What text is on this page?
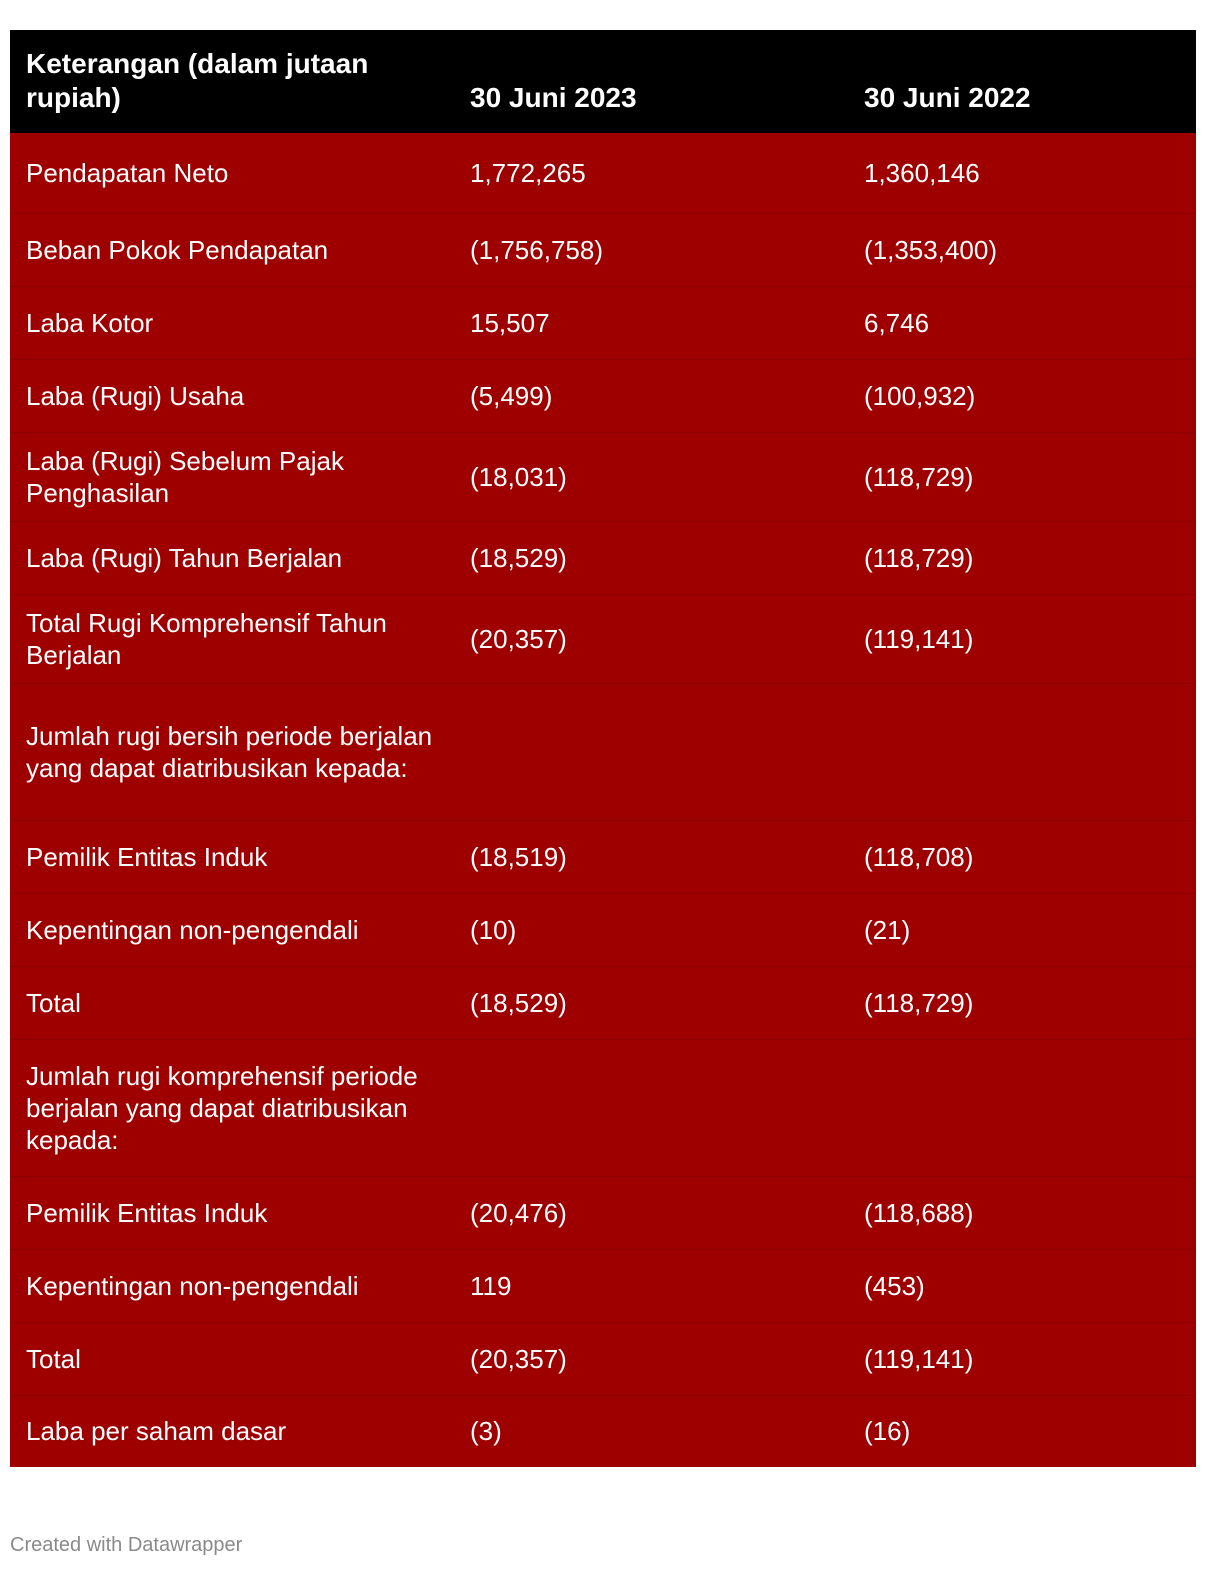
Keterangan (dalam jutaan rupiah)	30 Juni 2023	30 Juni 2022
Pendapatan Neto	1,772,265	1,360,146
Beban Pokok Pendapatan	(1,756,758)	(1,353,400)
Laba Kotor	15,507	6,746
Laba (Rugi) Usaha	(5,499)	(100,932)
Laba (Rugi) Sebelum Pajak Penghasilan	(18,031)	(118,729)
Laba (Rugi) Tahun Berjalan	(18,529)	(118,729)
Total Rugi Komprehensif Tahun Berjalan	(20,357)	(119,141)
Jumlah rugi bersih periode berjalan yang dapat diatribusikan kepada:		
Pemilik Entitas Induk	(18,519)	(118,708)
Kepentingan non-pengendali	(10)	(21)
Total	(18,529)	(118,729)
Jumlah rugi komprehensif periode berjalan yang dapat diatribusikan kepada:		
Pemilik Entitas Induk	(20,476)	(118,688)
Kepentingan non-pengendali	119	(453)
Total	(20,357)	(119,141)
Laba per saham dasar	(3)	(16)
Created with Datawrapper
